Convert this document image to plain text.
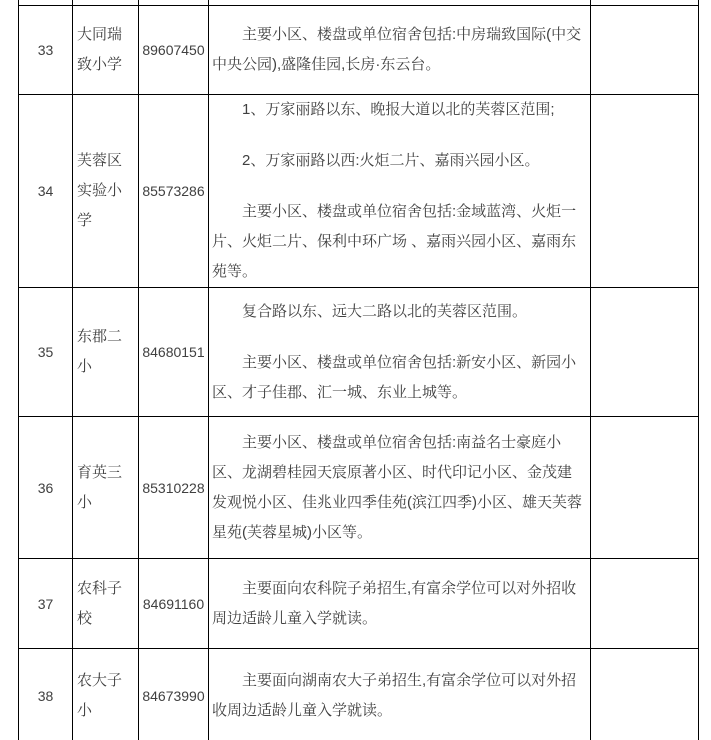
33	大同瑞致小学	89607450	主要小区、楼盘或单位宿舍包括:中房瑞致国际(中交中央公园),盛隆佳园,长房·东云台。	

34	芙蓉区实验小学	85573286	1、万家丽路以东、晚报大道以北的芙蓉区范围;

2、万家丽路以西:火炬二片、嘉雨兴园小区。

主要小区、楼盘或单位宿舍包括:金域蓝湾、火炬一片、火炬二片、保利中环广场 、嘉雨兴园小区、嘉雨东苑等。	

35	东郡二小	84680151	复合路以东、远大二路以北的芙蓉区范围。

主要小区、楼盘或单位宿舍包括:新安小区、新园小区、才子佳郡、汇一城、东业上城等。	

36	育英三小	85310228	主要小区、楼盘或单位宿舍包括:南益名士豪庭小区、龙湖碧桂园天宸原著小区、时代印记小区、金茂建发观悦小区、佳兆业四季佳苑(滨江四季)小区、雄天芙蓉星苑(芙蓉星城)小区等。	

37	农科子校	84691160	主要面向农科院子弟招生,有富余学位可以对外招收周边适龄儿童入学就读。	

38	农大子小	84673990	主要面向湖南农大子弟招生,有富余学位可以对外招收周边适龄儿童入学就读。	
